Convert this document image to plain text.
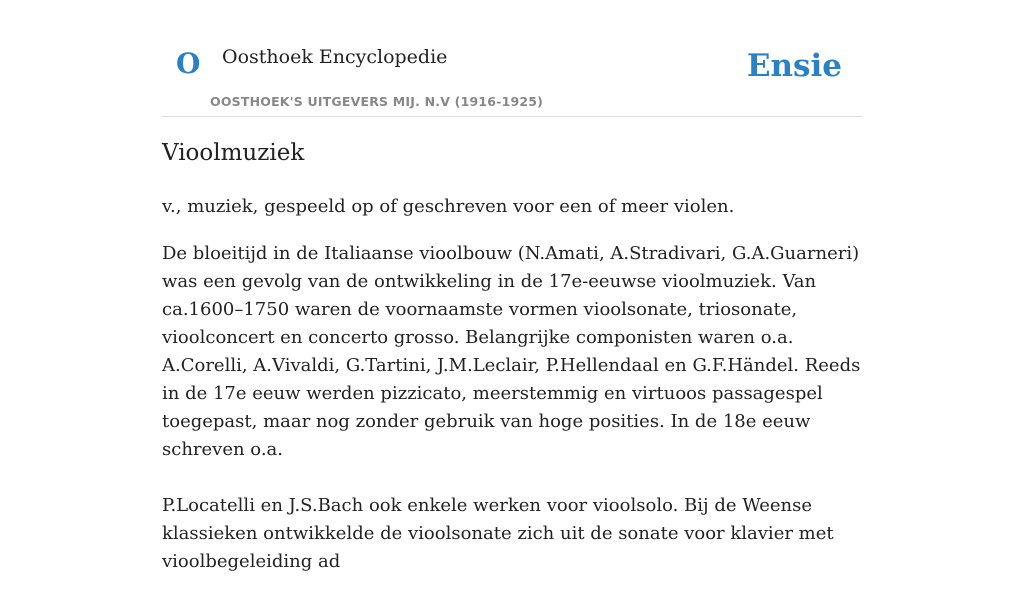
O Oosthoek Encyclopedie
OOSTHOEK'S UITGEVERS MIJ. N.V (1916-1925)
Ensie
Vioolmuziek

v., muziek, gespeeld op of geschreven voor een of meer violen.

De bloeitijd in de Italiaanse vioolbouw (N.Amati, A.Stradivari, G.A.Guarneri) was een gevolg van de ontwikkeling in de 17e-eeuwse vioolmuziek. Van ca.1600–1750 waren de voornaamste vormen vioolsonate, triosonate, vioolconcert en concerto grosso. Belangrijke componisten waren o.a. A.Corelli, A.Vivaldi, G.Tartini, J.M.Leclair, P.Hellendaal en G.F.Händel. Reeds in de 17e eeuw werden pizzicato, meerstemmig en virtuoos passagespel toegepast, maar nog zonder gebruik van hoge posities. In de 18e eeuw schreven o.a.

P.Locatelli en J.S.Bach ook enkele werken voor vioolsolo. Bij de Weense klassieken ontwikkelde de vioolsonate zich uit de sonate voor klavier met vioolbegeleiding ad
